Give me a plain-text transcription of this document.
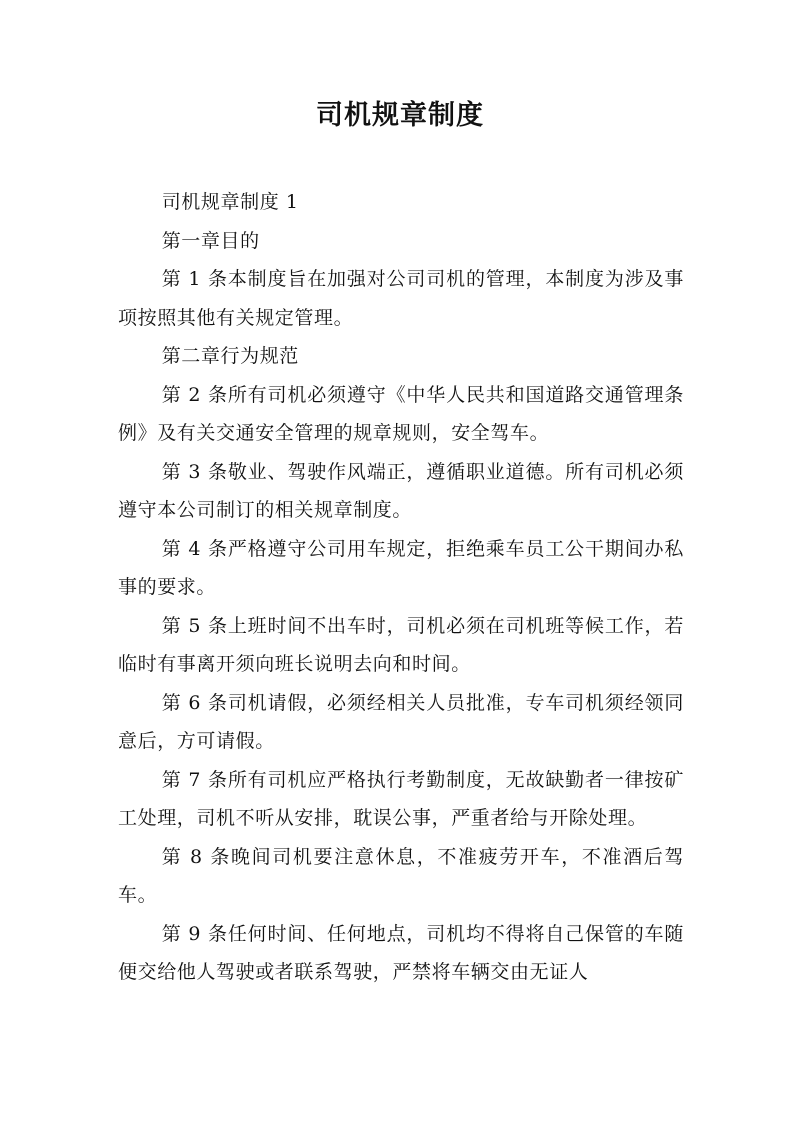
司机规章制度

司机规章制度 1

第一章目的

第 1 条本制度旨在加强对公司司机的管理，本制度为涉及事项按照其他有关规定管理。

第二章行为规范

第 2 条所有司机必须遵守《中华人民共和国道路交通管理条例》及有关交通安全管理的规章规则，安全驾车。

第 3 条敬业、驾驶作风端正，遵循职业道德。所有司机必须遵守本公司制订的相关规章制度。

第 4 条严格遵守公司用车规定，拒绝乘车员工公干期间办私事的要求。

第 5 条上班时间不出车时，司机必须在司机班等候工作，若临时有事离开须向班长说明去向和时间。

第 6 条司机请假，必须经相关人员批准，专车司机须经领同意后，方可请假。

第 7 条所有司机应严格执行考勤制度，无故缺勤者一律按矿工处理，司机不听从安排，耽误公事，严重者给与开除处理。

第 8 条晚间司机要注意休息，不准疲劳开车，不准酒后驾车。

第 9 条任何时间、任何地点，司机均不得将自己保管的车随便交给他人驾驶或者联系驾驶，严禁将车辆交由无证人
